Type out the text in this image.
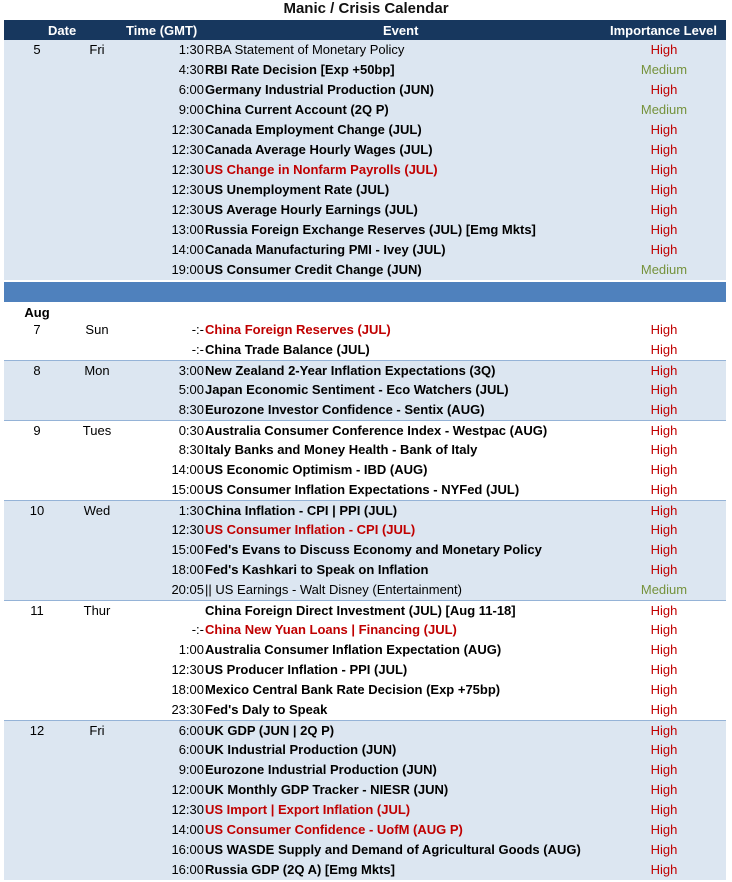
Manic / Crisis Calendar
Date	Time (GMT)	Event	Importance Level
5	Fri	1:30 RBA Statement of Monetary Policy	High
4:30 RBI Rate Decision [Exp +50bp]	Medium
6:00 Germany Industrial Production (JUN)	High
9:00 China Current Account (2Q P)	Medium
12:30 Canada Employment Change (JUL)	High
12:30 Canada Average Hourly Wages (JUL)	High
12:30 US Change in Nonfarm Payrolls (JUL)	High
12:30 US Unemployment Rate (JUL)	High
12:30 US Average Hourly Earnings (JUL)	High
13:00 Russia Foreign Exchange Reserves (JUL) [Emg Mkts]	High
14:00 Canada Manufacturing PMI - Ivey (JUL)	High
19:00 US Consumer Credit Change (JUN)	Medium
Aug
7	Sun	-:- China Foreign Reserves (JUL)	High
-:- China Trade Balance (JUL)	High
8	Mon	3:00 New Zealand 2-Year Inflation Expectations (3Q)	High
5:00 Japan Economic Sentiment - Eco Watchers (JUL)	High
8:30 Eurozone Investor Confidence - Sentix (AUG)	High
9	Tues	0:30 Australia Consumer Conference Index - Westpac (AUG)	High
8:30 Italy Banks and Money Health - Bank of Italy	High
14:00 US Economic Optimism - IBD (AUG)	High
15:00 US Consumer Inflation Expectations - NYFed (JUL)	High
10	Wed	1:30 China Inflation - CPI | PPI (JUL)	High
12:30 US Consumer Inflation - CPI (JUL)	High
15:00 Fed's Evans to Discuss Economy and Monetary Policy	High
18:00 Fed's Kashkari to Speak on Inflation	High
20:05 || US Earnings - Walt Disney (Entertainment)	Medium
11	Thur	China Foreign Direct Investment (JUL) [Aug 11-18]	High
-:- China New Yuan Loans | Financing (JUL)	High
1:00 Australia Consumer Inflation Expectation (AUG)	High
12:30 US Producer Inflation - PPI (JUL)	High
18:00 Mexico Central Bank Rate Decision (Exp +75bp)	High
23:30 Fed's Daly to Speak	High
12	Fri	6:00 UK GDP (JUN | 2Q P)	High
6:00 UK Industrial Production (JUN)	High
9:00 Eurozone Industrial Production (JUN)	High
12:00 UK Monthly GDP Tracker - NIESR (JUN)	High
12:30 US Import | Export Inflation (JUL)	High
14:00 US Consumer Confidence - UofM (AUG P)	High
16:00 US WASDE Supply and Demand of Agricultural Goods (AUG)	High
16:00 Russia GDP (2Q A) [Emg Mkts]	High
